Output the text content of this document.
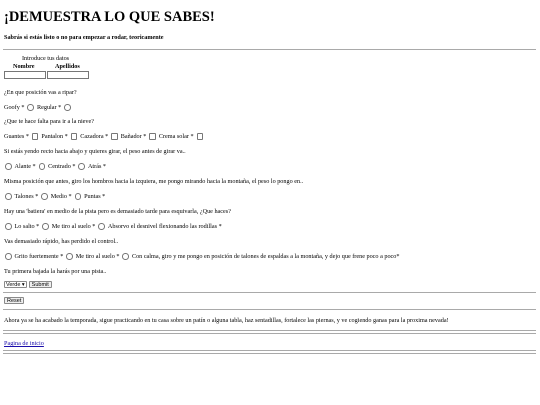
¡DEMUESTRA LO QUE SABES!
Sabrás si estás listo o no para empezar a rodar, teoricamente
Introduce tus datos
Nombre	Apellidos
¿En que posición vas a ripar?
Goofy * Regular *
¿Que te hace falta para ir a la nieve?
Guantes * Pantalon * Cazadora * Bañador * Crema solar *
Si estás yendo recto hacia abajo y quieres girar, el peso antes de girar va..
Alante * Centrado * Atrás *
Misma posición que antes, giro los hombros hacia la izquiera, me pongo mirando hacia la montaña, el peso lo pongo en..
Talones * Medio * Puntas *
Hay una 'batiera' en medio de la pista pero es demasiado tarde para esquivarla, ¿Que haces?
Lo salto * Me tiro al suelo * Absorvo el desnivel flexionando las rodillas *
Vas demasiado rápido, has perdido el control..
Grito fuertemente * Me tiro al suelo * Con calma, giro y me pongo en posición de talones de espaldas a la montaña, y dejo que frene poco a poco*
Tu primera bajada la harás por una pista..
Verde ▾	Submit
Reset
Ahora ya se ha acabado la temporada, sigue practicando en tu casa sobre un patín o alguna tabla, haz sentadillas, fortalece las piernas, y ve cogiendo ganas para la proxima nevada!
Pagina de inicio
